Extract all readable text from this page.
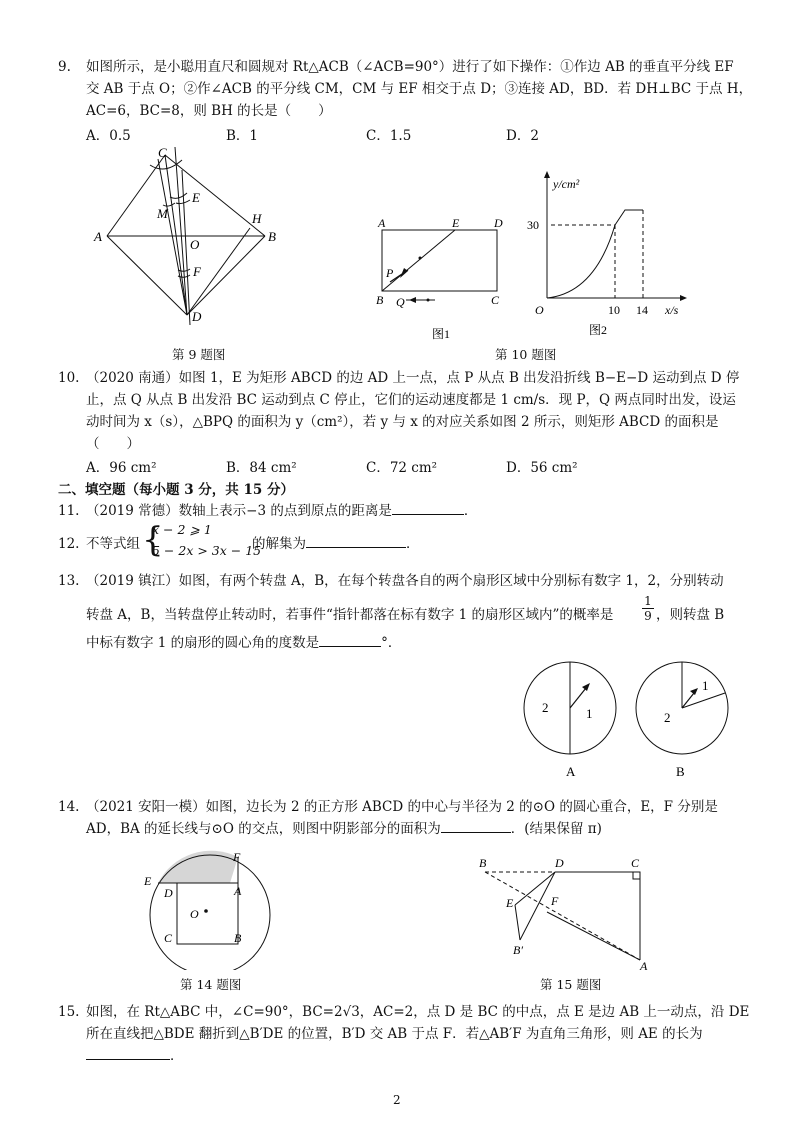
9.	如图所示，是小聪用直尺和圆规对 Rt△ACB（∠ACB=90°）进行了如下操作：①作边 AB 的垂直平分线 EF
交 AB 于点 O；②作∠ACB 的平分线 CM，CM 与 EF 相交于点 D；③连接 AD，BD．若 DH⊥BC 于点 H，
AC=6，BC=8，则 BH 的长是（　　）
A．0.5	B．1	C．1.5	D．2
C
E
M
A
O
H
B
F
D
第 9 题图
A	E	D
P
B Q	C
图1
y/cm²
30
O	10 14 x/s
图2
第 10 题图
10. （2020 南通）如图 1，E 为矩形 ABCD 的边 AD 上一点，点 P 从点 B 出发沿折线 B−E−D 运动到点 D 停
止，点 Q 从点 B 出发沿 BC 运动到点 C 停止，它们的运动速度都是 1 cm/s．现 P，Q 两点同时出发，设运
动时间为 x（s），△BPQ 的面积为 y（cm²），若 y 与 x 的对应关系如图 2 所示，则矩形 ABCD 的面积是
（　　）
A．96 cm²	B．84 cm²	C．72 cm²	D．56 cm²
二、填空题（每小题 3 分，共 15 分）
11. （2019 常德）数轴上表示−3 的点到原点的距离是	．
12. 不等式组 {
x − 2 ⩾ 1
5 − 2x > 3x − 15
的解集为	．
13. （2019 镇江）如图，有两个转盘 A，B，在每个转盘各自的两个扇形区域中分别标有数字 1，2，分别转动
转盘 A，B，当转盘停止转动时，若事件“指针都落在标有数字 1 的扇形区域内”的概率是 $\frac{1}{9}$ ，则转盘 B
中标有数字 1 的扇形的圆心角的度数是	°．
2	1
A
1
2
B
14. （2021 安阳一模）如图，边长为 2 的正方形 ABCD 的中心与半径为 2 的⊙O 的圆心重合，E，F 分别是
AD，BA 的延长线与⊙O 的交点，则图中阴影部分的面积为	．(结果保留 π)
F
E
D	A
O
C	B
第 14 题图
B	D	C
E	F
B′
A
第 15 题图
15. 如图，在 Rt△ABC 中，∠C=90°，BC=2√3，AC=2，点 D 是 BC 的中点，点 E 是边 AB 上一动点，沿 DE
所在直线把△BDE 翻折到△B′DE 的位置，B′D 交 AB 于点 F．若△AB′F 为直角三角形，则 AE 的长为
．
2
